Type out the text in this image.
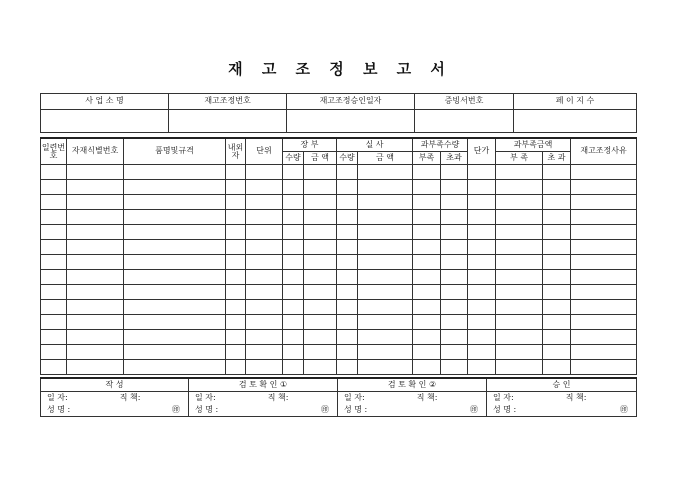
재 고 조 정 보 고 서
사 업 소 명	재고조정번호	재고조정승인일자	증빙서번호	페 이 지 수

일련번호	자재식별번호	품명및규격	내외자	단위	장 부		실 사		과부족수량		단가	과부족금액		재고조정사유
					수량	금 액	수량	금 액	부족	초과		부 족	초 과	

작 성	검 토 확 인 ①	검 토 확 인 ②	승 인
일 자: 직 책:	일 자: 직 책:	일 자: 직 책:	일 자: 직 책:
성 명 : ㊞	성 명 : ㊞	성 명 : ㊞	성 명 : ㊞
